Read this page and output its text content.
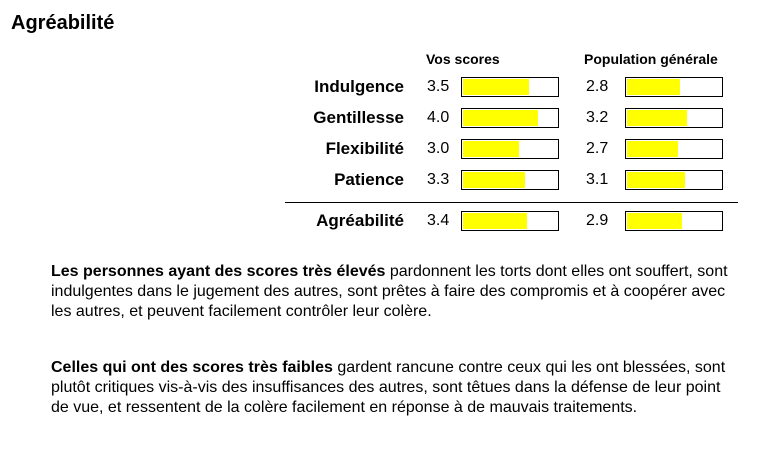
Agréabilité
Vos scores	Population générale
Indulgence 3.5	2.8
Gentillesse 4.0	3.2
Flexibilité 3.0	2.7
Patience 3.3	3.1
Agréabilité 3.4	2.9
Les personnes ayant des scores très élevés pardonnent les torts dont elles ont souffert, sont indulgentes dans le jugement des autres, sont prêtes à faire des compromis et à coopérer avec les autres, et peuvent facilement contrôler leur colère.
Celles qui ont des scores très faibles gardent rancune contre ceux qui les ont blessées, sont plutôt critiques vis-à-vis des insuffisances des autres, sont têtues dans la défense de leur point de vue, et ressentent de la colère facilement en réponse à de mauvais traitements.
